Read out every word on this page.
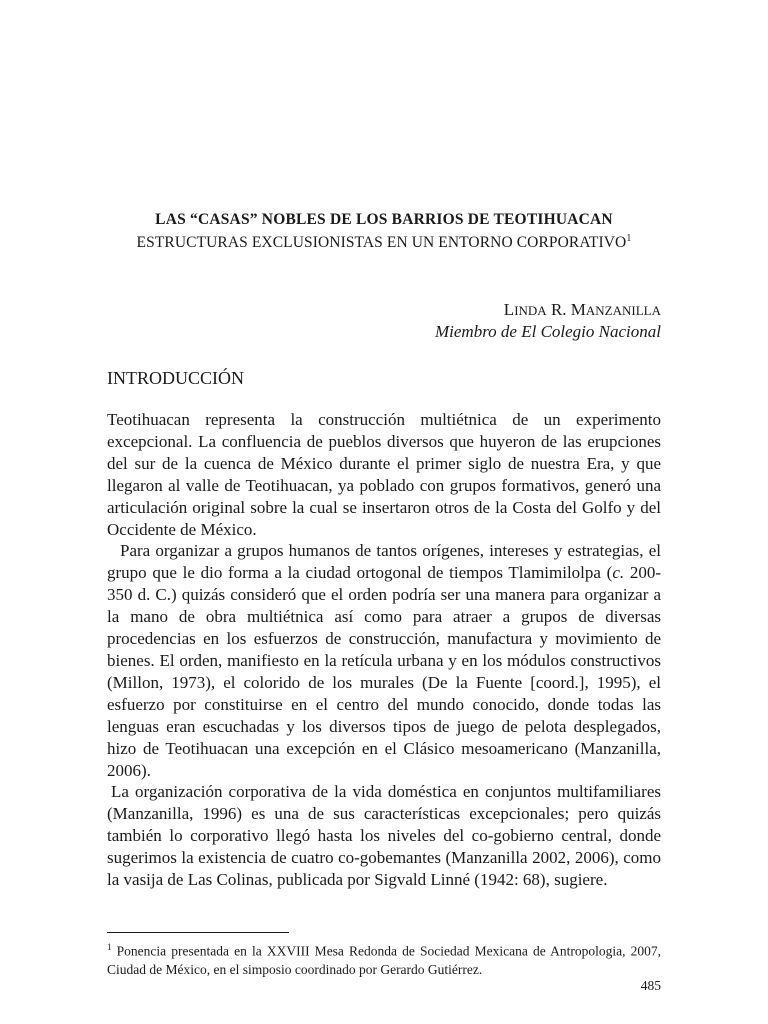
LAS “CASAS” NOBLES DE LOS BARRIOS DE TEOTIHUACAN
ESTRUCTURAS EXCLUSIONISTAS EN UN ENTORNO CORPORATIVO$^1$
LINDA R. MANZANILLA
Miembro de El Colegio Nacional
INTRODUCCIÓN

Teotihuacan representa la construcción multiétnica de un experimento excepcional. La confluencia de pueblos diversos que huyeron de las erupciones del sur de la cuenca de México durante el primer siglo de nuestra Era, y que llegaron al valle de Teotihuacan, ya poblado con grupos formativos, generó una articulación original sobre la cual se insertaron otros de la Costa del Golfo y del Occidente de México.

Para organizar a grupos humanos de tantos orígenes, intereses y estrategias, el grupo que le dio forma a la ciudad ortogonal de tiempos Tlamimilolpa (c. 200-350 d. C.) quizás consideró que el orden podría ser una manera para organizar a la mano de obra multiétnica así como para atraer a grupos de diversas procedencias en los esfuerzos de construcción, manufactura y movimiento de bienes. El orden, manifiesto en la retícula urbana y en los módulos constructivos (Millon, 1973), el colorido de los murales (De la Fuente [coord.], 1995), el esfuerzo por constituirse en el centro del mundo conocido, donde todas las lenguas eran escuchadas y los diversos tipos de juego de pelota desplegados, hizo de Teotihuacan una excepción en el Clásico mesoamericano (Manzanilla, 2006).

La organización corporativa de la vida doméstica en conjuntos multifamiliares (Manzanilla, 1996) es una de sus características excepcionales; pero quizás también lo corporativo llegó hasta los niveles del co-gobierno central, donde sugerimos la existencia de cuatro co-gobemantes (Manzanilla 2002, 2006), como la vasija de Las Colinas, publicada por Sigvald Linné (1942: 68), sugiere.

$^1$ Ponencia presentada en la XXVIII Mesa Redonda de Sociedad Mexicana de Antropologia, 2007, Ciudad de México, en el simposio coordinado por Gerardo Gutiérrez.
485
